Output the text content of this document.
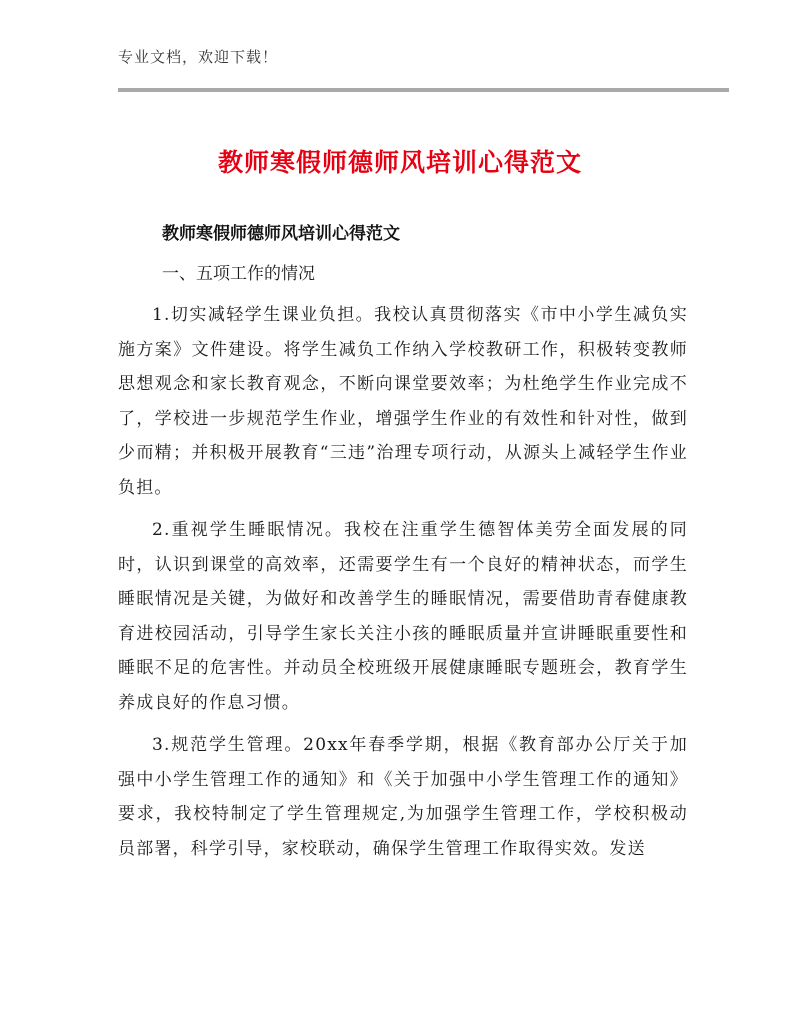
专业文档，欢迎下载！
教师寒假师德师风培训心得范文
教师寒假师德师风培训心得范文
一、五项工作的情况

1.切实减轻学生课业负担。我校认真贯彻落实《市中小学生减负实施方案》文件建设。将学生减负工作纳入学校教研工作，积极转变教师思想观念和家长教育观念，不断向课堂要效率；为杜绝学生作业完成不了，学校进一步规范学生作业，增强学生作业的有效性和针对性，做到少而精；并积极开展教育“三违”治理专项行动，从源头上减轻学生作业负担。

2.重视学生睡眠情况。我校在注重学生德智体美劳全面发展的同时，认识到课堂的高效率，还需要学生有一个良好的精神状态，而学生睡眠情况是关键，为做好和改善学生的睡眠情况，需要借助青春健康教育进校园活动，引导学生家长关注小孩的睡眠质量并宣讲睡眠重要性和睡眠不足的危害性。并动员全校班级开展健康睡眠专题班会，教育学生养成良好的作息习惯。

3.规范学生管理。20xx年春季学期，根据《教育部办公厅关于加强中小学生管理工作的通知》和《关于加强中小学生管理工作的通知》要求，我校特制定了学生管理规定,为加强学生管理工作，学校积极动员部署，科学引导，家校联动，确保学生管理工作取得实效。发送
